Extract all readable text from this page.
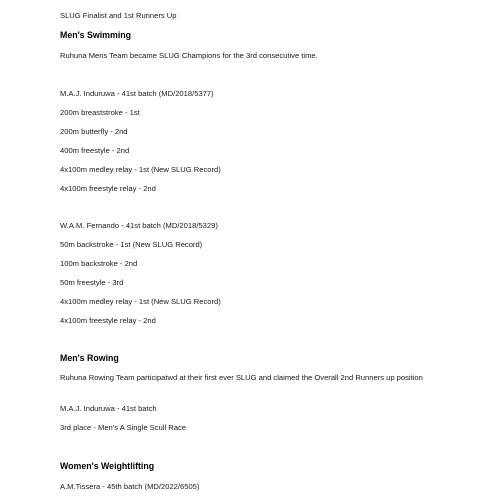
SLUG Finalist and 1st Runners Up
Men's Swimming
Ruhuna Mens Team became SLUG Champions for the 3rd consecutive time.
M.A.J. Induruwa - 41st batch (MD/2018/5377)
200m breaststroke - 1st
200m butterfly - 2nd
400m freestyle - 2nd
4x100m medley relay - 1st (New SLUG Record)
4x100m freestyle relay - 2nd
W.A.M. Fernando - 41st batch (MD/2018/5329)
50m backstroke - 1st (New SLUG Record)
100m backstroke - 2nd
50m freestyle - 3rd
4x100m medley relay - 1st (New SLUG Record)
4x100m freestyle relay - 2nd
Men's Rowing
Ruhuna Rowing Team participatwd at their first ever SLUG and claimed the Overall 2nd Runners up position
M.A.J. Induruwa - 41st batch
3rd place - Men's A Single Scull Race
Women's Weightlifting
A.M.Tissera - 45th batch (MD/2022/6505)
